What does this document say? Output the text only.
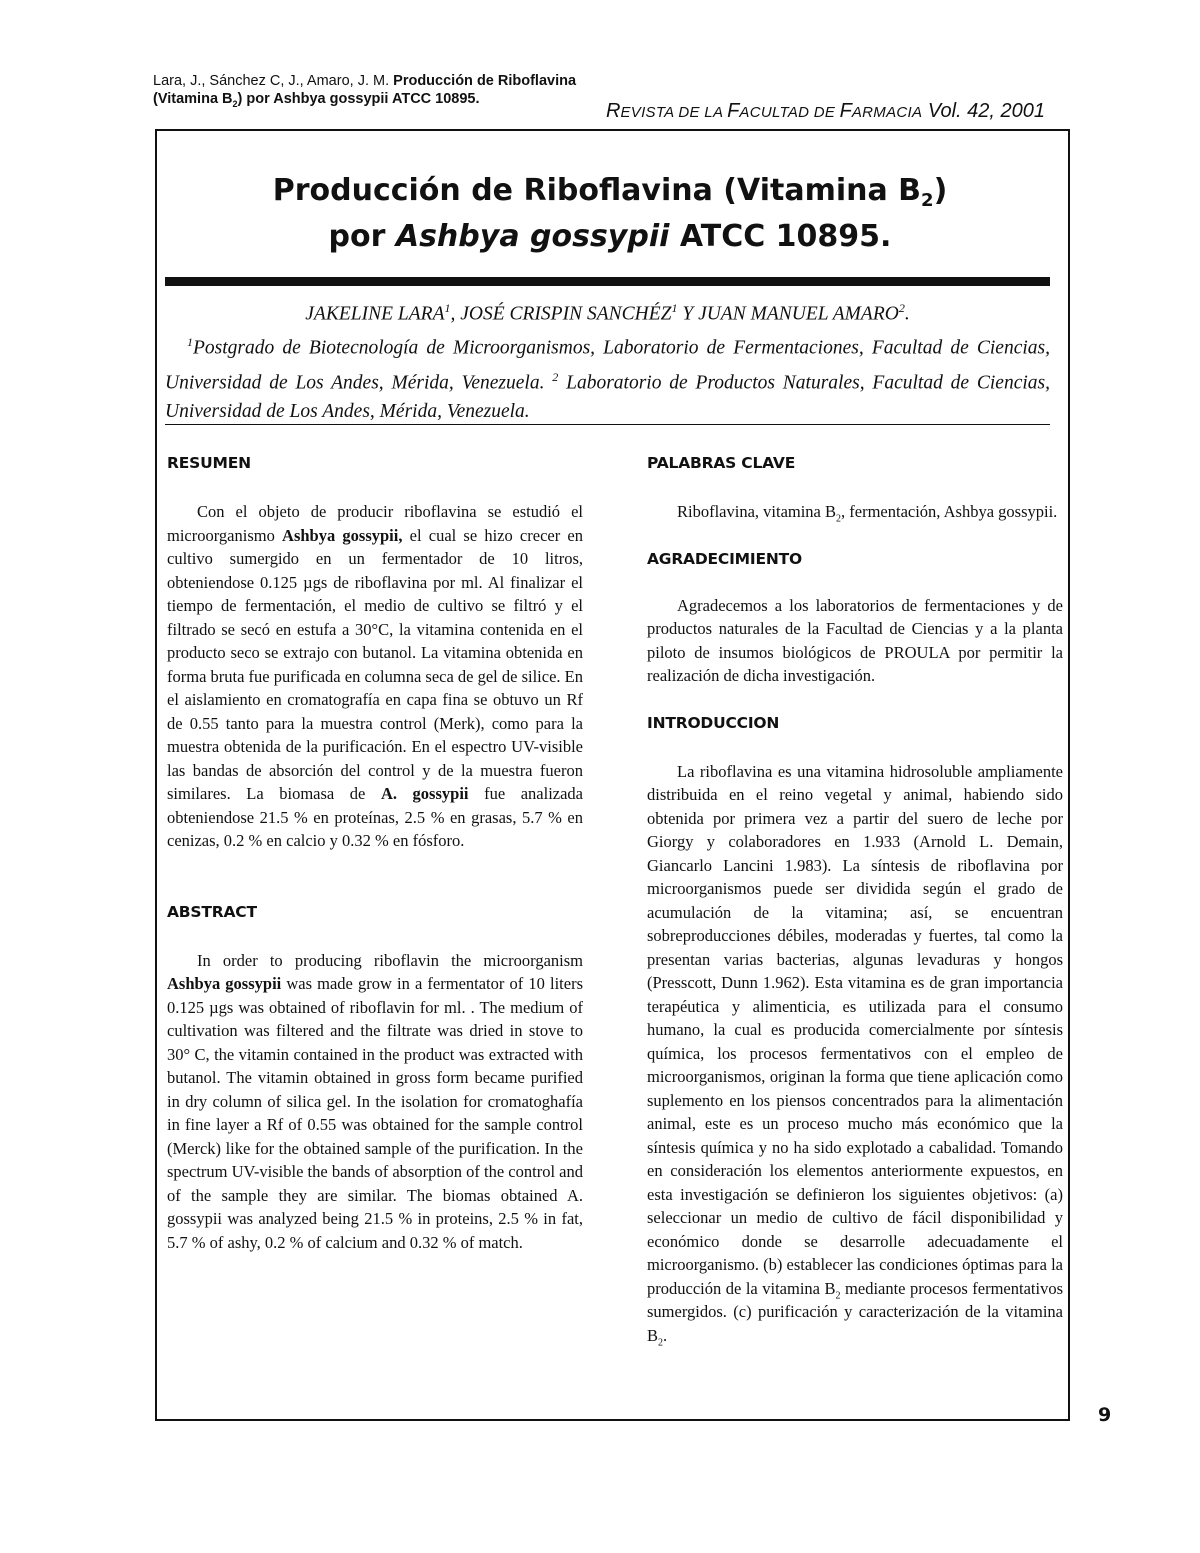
Lara, J., Sánchez C, J., Amaro, J. M. Producción de Riboflavina (Vitamina $B_2$) por Ashbya gossypii ATCC 10895.
REVISTA DE LA FACULTAD DE FARMACIA Vol. 42, 2001
Producción de Riboflavina (Vitamina $B_2$)
por Ashbya gossypii ATCC 10895.
JAKELINE LARA$^1$, JOSÉ CRISPIN SANCHÉZ$^1$ Y JUAN MANUEL AMARO$^2$.

$^1$Postgrado de Biotecnología de Microorganismos, Laboratorio de Fermentaciones, Facultad de Ciencias, Universidad de Los Andes, Mérida, Venezuela. $^2$ Laboratorio de Productos Naturales, Facultad de Ciencias, Universidad de Los Andes, Mérida, Venezuela.

RESUMEN

Con el objeto de producir riboflavina se estudió el microorganismo Ashbya gossypii, el cual se hizo crecer en cultivo sumergido en un fermentador de 10 litros, obteniendose 0.125 µgs de riboflavina por ml. Al finalizar el tiempo de fermentación, el medio de cultivo se filtró y el filtrado se secó en estufa a 30°C, la vitamina contenida en el producto seco se extrajo con butanol. La vitamina obtenida en forma bruta fue purificada en columna seca de gel de silice. En el aislamiento en cromatografía en capa fina se obtuvo un Rf de 0.55 tanto para la muestra control (Merk), como para la muestra obtenida de la purificación. En el espectro UV-visible las bandas de absorción del control y de la muestra fueron similares. La biomasa de A. gossypii fue analizada obteniendose 21.5 % en proteínas, 2.5 % en grasas, 5.7 % en cenizas, 0.2 % en calcio y 0.32 % en fósforo.

ABSTRACT

In order to producing riboflavin the microorganism Ashbya gossypii was made grow in a fermentator of 10 liters 0.125 µgs was obtained of riboflavin for ml. . The medium of cultivation was filtered and the filtrate was dried in stove to 30° C, the vitamin contained in the product was extracted with butanol. The vitamin obtained in gross form became purified in dry column of silica gel. In the isolation for cromatoghafía in fine layer a Rf of 0.55 was obtained for the sample control (Merck) like for the obtained sample of the purification. In the spectrum UV-visible the bands of absorption of the control and of the sample they are similar. The biomas obtained A. gossypii was analyzed being 21.5 % in proteins, 2.5 % in fat, 5.7 % of ashy, 0.2 % of calcium and 0.32 % of match.

PALABRAS CLAVE

Riboflavina, vitamina $B_2$, fermentación, Ashbya gossypii.

AGRADECIMIENTO

Agradecemos a los laboratorios de fermentaciones y de productos naturales de la Facultad de Ciencias y a la planta piloto de insumos biológicos de PROULA por permitir la realización de dicha investigación.

INTRODUCCION

La riboflavina es una vitamina hidrosoluble ampliamente distribuida en el reino vegetal y animal, habiendo sido obtenida por primera vez a partir del suero de leche por Giorgy y colaboradores en 1.933 (Arnold L. Demain, Giancarlo Lancini 1.983). La síntesis de riboflavina por microorganismos puede ser dividida según el grado de acumulación de la vitamina; así, se encuentran sobreproducciones débiles, moderadas y fuertes, tal como la presentan varias bacterias, algunas levaduras y hongos (Presscott, Dunn 1.962). Esta vitamina es de gran importancia terapéutica y alimenticia, es utilizada para el consumo humano, la cual es producida comercialmente por síntesis química, los procesos fermentativos con el empleo de microorganismos, originan la forma que tiene aplicación como suplemento en los piensos concentrados para la alimentación animal, este es un proceso mucho más económico que la síntesis química y no ha sido explotado a cabalidad. Tomando en consideración los elementos anteriormente expuestos, en esta investigación se definieron los siguientes objetivos: (a) seleccionar un medio de cultivo de fácil disponibilidad y económico donde se desarrolle adecuadamente el microorganismo. (b) establecer las condiciones óptimas para la producción de la vitamina $B_2$ mediante procesos fermentativos sumergidos. (c) purificación y caracterización de la vitamina $B_2$.

9
